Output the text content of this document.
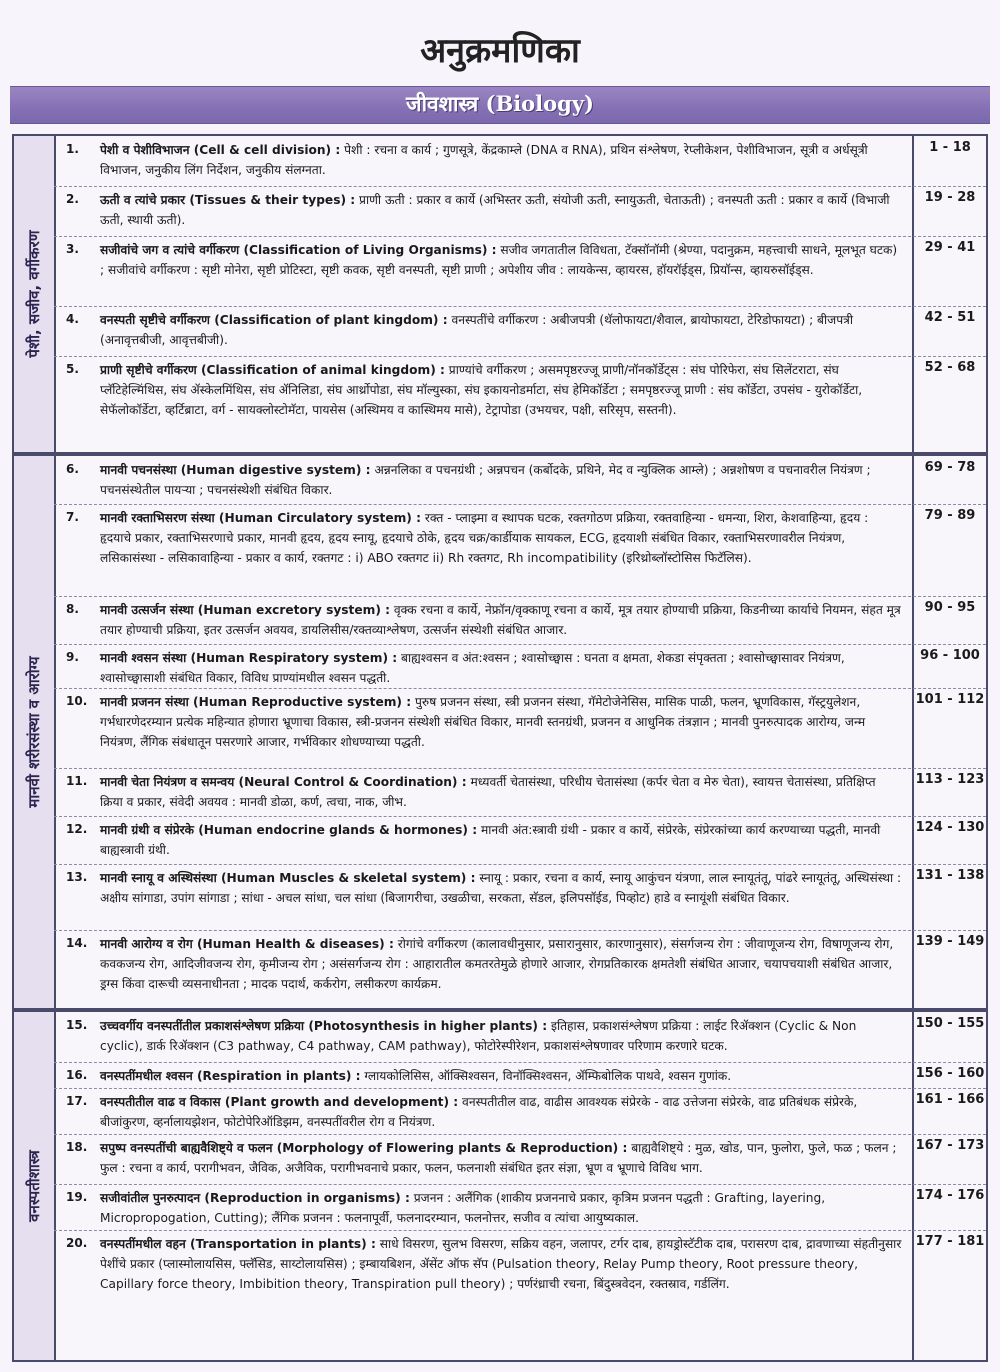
अनुक्रमणिका
जीवशास्त्र (Biology)
पेशी, सजीव, वर्गीकरण
1.	पेशी व पेशीविभाजन (Cell & cell division) : पेशी : रचना व कार्य ; गुणसूत्रे, केंद्रकाम्ले (DNA व RNA), प्रथिन संश्लेषण, रेप्लीकेशन, पेशीविभाजन, सूत्री व अर्धसूत्री विभाजन, जनुकीय लिंग निर्देशन, जनुकीय संलग्नता.
1 - 18
2.	ऊती व त्यांचे प्रकार (Tissues & their types) : प्राणी ऊती : प्रकार व कार्ये (अभिस्तर ऊती, संयोजी ऊती, स्नायुऊती, चेताऊती) ; वनस्पती ऊती : प्रकार व कार्ये (विभाजी ऊती, स्थायी ऊती).
19 - 28
3.	सजीवांचे जग व त्यांचे वर्गीकरण (Classification of Living Organisms) : सजीव जगतातील विविधता, टॅक्सॉनॉमी (श्रेण्या, पदानुक्रम, महत्त्वाची साधने, मूलभूत घटक) ; सजीवांचे वर्गीकरण : सृष्टी मोनेरा, सृष्टी प्रोटिस्टा, सृष्टी कवक, सृष्टी वनस्पती, सृष्टी प्राणी ; अपेशीय जीव : लायकेन्स, व्हायरस, हॉयरॉईड्स, प्रियॉन्स, व्हायरुसॉईड्स.
29 - 41
4.	वनस्पती सृष्टीचे वर्गीकरण (Classification of plant kingdom) : वनस्पतींचे वर्गीकरण : अबीजपत्री (थॅलोफायटा/शैवाल, ब्रायोफायटा, टेरिडोफायटा) ; बीजपत्री (अनावृत्तबीजी, आवृत्तबीजी).
42 - 51
5.	प्राणी सृष्टीचे वर्गीकरण (Classification of animal kingdom) : प्राण्यांचे वर्गीकरण ; असमपृष्ठरज्जू प्राणी/नॉनकॉर्डेट्स : संघ पोरिफेरा, संघ सिलेंटराटा, संघ प्लॅटिहेल्मिंथिस, संघ ॲस्केलमिंथिस, संघ ॲनिलिडा, संघ आर्थ्रोपोडा, संघ मॉल्युस्का, संघ इकायनोडर्माटा, संघ हेमिकॉर्डेटा ; समपृष्ठरज्जू प्राणी : संघ कॉर्डेटा, उपसंघ - युरोकॉर्डेटा, सेफॅलोकॉर्डेटा, व्हर्टिब्राटा, वर्ग - सायक्लोस्टोमॅटा, पायसेस (अस्थिमय व कास्थिमय मासे), टेट्रापोडा (उभयचर, पक्षी, सरिसृप, सस्तनी).
52 - 68
मानवी शरीरसंस्था व आरोग्य
6.	मानवी पचनसंस्था (Human digestive system) : अन्ननलिका व पचनग्रंथी ; अन्नपचन (कर्बोदके, प्रथिने, मेद व न्युक्लिक आम्ले) ; अन्नशोषण व पचनावरील नियंत्रण ; पचनसंस्थेतील पायऱ्या ; पचनसंस्थेशी संबंधित विकार.
69 - 78
7.	मानवी रक्ताभिसरण संस्था (Human Circulatory system) : रक्त - प्लाझ्मा व स्थापक घटक, रक्तगोठण प्रक्रिया, रक्तवाहिन्या - धमन्या, शिरा, केशवाहिन्या, हृदय : हृदयाचे प्रकार, रक्ताभिसरणाचे प्रकार, मानवी हृदय, हृदय स्नायू, हृदयाचे ठोके, हृदय चक्र/कार्डीयाक सायकल, ECG, हृदयाशी संबंधित विकार, रक्ताभिसरणावरील नियंत्रण, लसिकासंस्था - लसिकावाहिन्या - प्रकार व कार्य, रक्तगट : i) ABO रक्तगट ii) Rh रक्तगट, Rh incompatibility (इरिथ्रोब्लॉस्टोसिस फिटॅलिस).
79 - 89
8.	मानवी उत्सर्जन संस्था (Human excretory system) : वृक्क रचना व कार्ये, नेफ्रॉन/वृक्काणू रचना व कार्ये, मूत्र तयार होण्याची प्रक्रिया, किडनीच्या कार्याचे नियमन, संहत मूत्र तयार होण्याची प्रक्रिया, इतर उत्सर्जन अवयव, डायलिसीस/रक्तव्याश्लेषण, उत्सर्जन संस्थेशी संबंधित आजार.
90 - 95
9.	मानवी श्वसन संस्था (Human Respiratory system) : बाह्यश्वसन व अंत:श्वसन ; श्वासोच्छ्वास : घनता व क्षमता, शेकडा संपृक्तता ; श्वासोच्छ्वासावर नियंत्रण, श्वासोच्छ्वासाशी संबंधित विकार, विविध प्राण्यांमधील श्वसन पद्धती.
96 - 100
10.	मानवी प्रजनन संस्था (Human Reproductive system) : पुरुष प्रजनन संस्था, स्त्री प्रजनन संस्था, गॅमेटोजेनेसिस, मासिक पाळी, फलन, भ्रूणविकास, गॅस्ट्रयुलेशन, गर्भधारणेदरम्यान प्रत्येक महिन्यात होणारा भ्रूणाचा विकास, स्त्री-प्रजनन संस्थेशी संबंधित विकार, मानवी स्तनग्रंथी, प्रजनन व आधुनिक तंत्रज्ञान ; मानवी पुनरुत्पादक आरोग्य, जन्म नियंत्रण, लैंगिक संबंधातून पसरणारे आजार, गर्भविकार शोधण्याच्या पद्धती.
101 - 112
11.	मानवी चेता नियंत्रण व समन्वय (Neural Control & Coordination) : मध्यवर्ती चेतासंस्था, परिधीय चेतासंस्था (कर्पर चेता व मेरु चेता), स्वायत्त चेतासंस्था, प्रतिक्षिप्त क्रिया व प्रकार, संवेदी अवयव : मानवी डोळा, कर्ण, त्वचा, नाक, जीभ.
113 - 123
12.	मानवी ग्रंथी व संप्रेरके (Human endocrine glands & hormones) : मानवी अंत:स्त्रावी ग्रंथी - प्रकार व कार्ये, संप्रेरके, संप्रेरकांच्या कार्य करण्याच्या पद्धती, मानवी बाह्यस्त्रावी ग्रंथी.
124 - 130
13.	मानवी स्नायू व अस्थिसंस्था (Human Muscles & skeletal system) : स्नायू : प्रकार, रचना व कार्य, स्नायू आकुंचन यंत्रणा, लाल स्नायूतंतू, पांढरे स्नायूतंतू, अस्थिसंस्था : अक्षीय सांगाडा, उपांग सांगाडा ; सांधा - अचल सांधा, चल सांधा (बिजागरीचा, उखळीचा, सरकता, सॅडल, इलिपसॉईड, पिव्होट) हाडे व स्नायूंशी संबंधित विकार.
131 - 138
14.	मानवी आरोग्य व रोग (Human Health & diseases) : रोगांचे वर्गीकरण (कालावधीनुसार, प्रसारानुसार, कारणानुसार), संसर्गजन्य रोग : जीवाणूजन्य रोग, विषाणूजन्य रोग, कवकजन्य रोग, आदिजीवजन्य रोग, कृमीजन्य रोग ; असंसर्गजन्य रोग : आहारातील कमतरतेमुळे होणारे आजार, रोगप्रतिकारक क्षमतेशी संबंधित आजार, चयापचयाशी संबंधित आजार, ड्रग्स किंवा दारूची व्यसनाधीनता ; मादक पदार्थ, कर्करोग, लसीकरण कार्यक्रम.
139 - 149
वनस्पतीशास्त्र
15.	उच्चवर्गीय वनस्पतींतील प्रकाशसंश्लेषण प्रक्रिया (Photosynthesis in higher plants) : इतिहास, प्रकाशसंश्लेषण प्रक्रिया : लाईट रिॲक्शन (Cyclic & Non cyclic), डार्क रिॲक्शन (C3 pathway, C4 pathway, CAM pathway), फोटोरेस्पीरेशन, प्रकाशसंश्लेषणावर परिणाम करणारे घटक.
150 - 155
16.	वनस्पतींमधील श्वसन (Respiration in plants) : ग्लायकोलिसिस, ऑक्सिश्वसन, विनॉक्सिश्वसन, ॲम्फिबोलिक पाथवे, श्वसन गुणांक.	156 - 160
17.	वनस्पतीतील वाढ व विकास (Plant growth and development) : वनस्पतीतील वाढ, वाढीस आवश्यक संप्रेरके - वाढ उत्तेजना संप्रेरके, वाढ प्रतिबंधक संप्रेरके, बीजांकुरण, व्हर्नालायझेशन, फोटोपेरिऑडिझम, वनस्पतींवरील रोग व नियंत्रण.
161 - 166
18.	सपुष्प वनस्पतींची बाह्यवैशिष्ट्ये व फलन (Morphology of Flowering plants & Reproduction) : बाह्यवैशिष्ट्ये : मुळ, खोड, पान, फुलोरा, फुले, फळ ; फलन ; फुल : रचना व कार्य, परागीभवन, जैविक, अजैविक, परागीभवनाचे प्रकार, फलन, फलनाशी संबंधित इतर संज्ञा, भ्रूण व भ्रूणाचे विविध भाग.
167 - 173
19.	सजीवांतील पुनरुत्पादन (Reproduction in organisms) : प्रजनन : अलैंगिक (शाकीय प्रजननाचे प्रकार, कृत्रिम प्रजनन पद्धती : Grafting, layering, Micropropogation, Cutting); लैंगिक प्रजनन : फलनापूर्वी, फलनादरम्यान, फलनोत्तर, सजीव व त्यांचा आयुष्यकाल.
174 - 176
20.	वनस्पतींमधील वहन (Transportation in plants) : साधे विसरण, सुलभ विसरण, सक्रिय वहन, जलापर, टर्गर दाब, हायड्रोस्टॅटीक दाब, परासरण दाब, द्रावणाच्या संहतीनुसार पेशींचे प्रकार (प्लास्मोलायसिस, फ्लॅसिड, साय्टोलायसिस) ; इम्बायबिशन, ॲसेंट ऑफ सॅप (Pulsation theory, Relay Pump theory, Root pressure theory, Capillary force theory, Imbibition theory, Transpiration pull theory) ; पर्णरंध्राची रचना, बिंदुस्त्रवेदन, रक्तस्राव, गर्डलिंग.
177 - 181
